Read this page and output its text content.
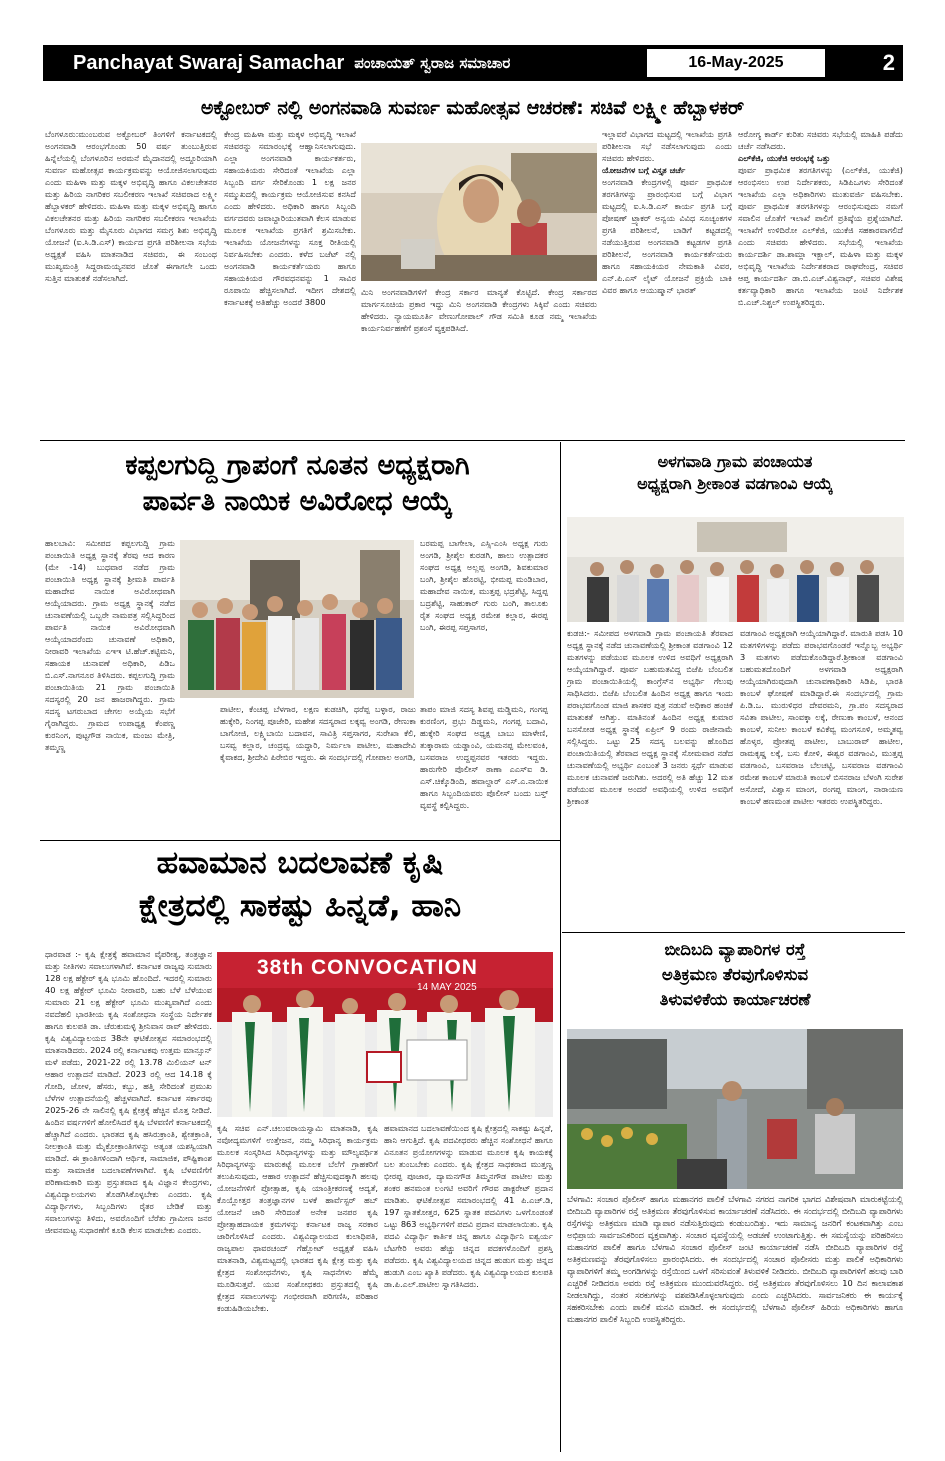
Panchayat Swaraj Samachar ಪಂಚಾಯತ್ ಸ್ವರಾಜ ಸಮಾಚಾರ	16-May-2025	2
ಅಕ್ಟೋಬರ್ ನಲ್ಲಿ ಅಂಗನವಾಡಿ ಸುವರ್ಣ ಮಹೋತ್ಸವ ಆಚರಣೆ: ಸಚಿವೆ ಲಕ್ಷ್ಮೀ ಹೆಬ್ಬಾಳಕರ್
ಬೆಂಗಳೂರು:ಮುಂಬರುವ ಅಕ್ಟೋಬರ್ ತಿಂಗಳಿಗೆ ಕರ್ನಾಟಕದಲ್ಲಿ ಅಂಗನವಾಡಿ ಆರಂಭಗೊಂಡು 50 ವರ್ಷ ತುಂಬುತ್ತಿರುವ ಹಿನ್ನೆಲೆಯಲ್ಲಿ ಬೆಂಗಳೂರಿನ ಅರಮನೆ ಮೈದಾನದಲ್ಲಿ ಅದ್ದೂರಿಯಾಗಿ ಸುವರ್ಣ ಮಹೋತ್ಸವ ಕಾರ್ಯಕ್ರಮವನ್ನು ಆಯೋಜಿಸಲಾಗುವುದು ಎಂದು ಮಹಿಳಾ ಮತ್ತು ಮಕ್ಕಳ ಅಭಿವೃದ್ಧಿ ಹಾಗೂ ವಿಕಲಚೇತನರ ಮತ್ತು ಹಿರಿಯ ನಾಗರಿಕರ ಸಬಲೀಕರಣ ಇಲಾಖೆ ಸಚಿವರಾದ ಲಕ್ಷ್ಮೀ ಹೆಬ್ಬಾಳಕರ್ ಹೇಳಿದರು. ಮಹಿಳಾ ಮತ್ತು ಮಕ್ಕಳ ಅಭಿವೃದ್ಧಿ ಹಾಗೂ ವಿಕಲಚೇತನರ ಮತ್ತು ಹಿರಿಯ ನಾಗರಿಕರ ಸಬಲೀಕರಣ ಇಲಾಖೆಯ ಬೆಂಗಳೂರು ಮತ್ತು ಮೈಸೂರು ವಿಭಾಗದ ಸಮಗ್ರ ಶಿಶು ಅಭಿವೃದ್ಧಿ ಯೋಜನೆ (ಐ.ಸಿ.ಡಿ.ಎಸ್) ಕಾರ್ಯದ ಪ್ರಗತಿ ಪರಿಶೀಲನಾ ಸಭೆಯ ಅಧ್ಯಕ್ಷತೆ ವಹಿಸಿ ಮಾತನಾಡಿದ ಸಚಿವರು, ಈ ಸಂಬಂಧ ಮುಖ್ಯಮಂತ್ರಿ ಸಿದ್ದರಾಮಯ್ಯನವರ ಜೊತೆ ಈಗಾಗಲೇ ಒಂದು ಸುತ್ತಿನ ಮಾತುಕತೆ ನಡೆಸಲಾಗಿದೆ.
ಕೇಂದ್ರ ಮಹಿಳಾ ಮತ್ತು ಮಕ್ಕಳ ಅಭಿವೃದ್ಧಿ ಇಲಾಖೆ ಸಚಿವರನ್ನು ಸಮಾರಂಭಕ್ಕೆ ಆಹ್ವಾನಿಸಲಾಗುವುದು. ಎಲ್ಲಾ ಅಂಗನವಾಡಿ ಕಾರ್ಯಕರ್ತರು, ಸಹಾಯಕಿಯರು ಸೇರಿದಂತೆ ಇಲಾಖೆಯ ಎಲ್ಲಾ ಸಿಬ್ಬಂದಿ ವರ್ಗ ಸೇರಿಕೊಂಡು 1 ಲಕ್ಷ ಜನರ ಸಮ್ಮುಖದಲ್ಲಿ ಕಾರ್ಯಕ್ರಮ ಆಯೋಜಿಸುವ ಕನಸಿದೆ ಎಂದು ಹೇಳಿದರು. ಅಧಿಕಾರಿ ಹಾಗೂ ಸಿಬ್ಬಂದಿ ವರ್ಗದವರು ಜವಾಬ್ದಾರಿಯುತವಾಗಿ ಕೆಲಸ ಮಾಡುವ ಮೂಲಕ ಇಲಾಖೆಯ ಪ್ರಗತಿಗೆ ಶ್ರಮಿಸಬೇಕು. ಇಲಾಖೆಯ ಯೋಜನೆಗಳನ್ನು ಸೂಕ್ತ ರೀತಿಯಲ್ಲಿ ನಿರ್ವಹಿಸಬೇಕು ಎಂದರು. ಕಳೆದ ಬಜೆಟ್ ನಲ್ಲಿ ಅಂಗನವಾಡಿ ಕಾರ್ಯಕರ್ತೆಯರು ಹಾಗೂ ಸಹಾಯಕಿಯರ ಗೌರವಧನವನ್ನು 1 ಸಾವಿರ ರೂಪಾಯಿ ಹೆಚ್ಚಿಸಲಾಗಿದೆ. ಇದೀಗ ದೇಶದಲ್ಲಿ ಕರ್ನಾಟಕಕ್ಕೆ ಅತಿಹೆಚ್ಚು ಅಂದರೆ 3800
ಮಿನಿ ಅಂಗನವಾಡಿಗಳಿಗೆ ಕೇಂದ್ರ ಸರ್ಕಾರ ಮಾನ್ಯತೆ ಕೊಟ್ಟಿದೆ. ಕೇಂದ್ರ ಸರ್ಕಾರದ ಮಾರ್ಗಸೂಚಿಯ ಪ್ರಕಾರ ಇದ್ದು ಮಿನಿ ಅಂಗನವಾಡಿ ಕೇಂದ್ರಗಳು ಸಿಕ್ಕಿವೆ ಎಂದು ಸಚಿವರು ಹೇಳಿದರು. ನ್ಯಾಯಮೂರ್ತಿ ವೇಣುಗೋಪಾಲ್ ಗೌಡ ಸಮಿತಿ ಕೂಡ ನಮ್ಮ ಇಲಾಖೆಯ ಕಾರ್ಯನಿರ್ವಹಣೆಗೆ ಪ್ರಶಂಸೆ ವ್ಯಕ್ತಪಡಿಸಿದೆ.
ಇಲ್ಲಾವರೆ ವಿಭಾಗದ ಮಟ್ಟದಲ್ಲಿ ಇಲಾಖೆಯ ಪ್ರಗತಿ ಪರಿಶೀಲನಾ ಸಭೆ ನಡೆಸಲಾಗುವುದು ಎಂದು ಸಚಿವರು ಹೇಳಿದರು.
ಯೋಜನೆಗಳ ಬಗ್ಗೆ ವಿಸ್ತೃತ ಚರ್ಚೆ
ಅಂಗನವಾಡಿ ಕೇಂದ್ರಗಳಲ್ಲಿ ಪೂರ್ವ ಪ್ರಾಥಮಿಕ ತರಗತಿಗಳನ್ನು ಪ್ರಾರಂಭಿಸುವ ಬಗ್ಗೆ ವಿಭಾಗ ಮಟ್ಟದಲ್ಲಿ ಐ.ಸಿ.ಡಿ.ಎಸ್ ಕಾರ್ಯ ಪ್ರಗತಿ ಬಗ್ಗೆ ಪೋಷಣ್ ಟ್ರ್ಯಾಕರ್ ಅನ್ವಯ ವಿವಿಧ ಸೂಚ್ಯಂಕಗಳ ಪ್ರಗತಿ ಪರಿಶೀಲನೆ, ಬಾಡಿಗೆ ಕಟ್ಟಡದಲ್ಲಿ ನಡೆಯುತ್ತಿರುವ ಅಂಗನವಾಡಿ ಕಟ್ಟಡಗಳ ಪ್ರಗತಿ ಪರಿಶೀಲನೆ, ಅಂಗನವಾಡಿ ಕಾರ್ಯಕರ್ತೆಯರು ಹಾಗೂ ಸಹಾಯಕಿಯರ ನೇಮಕಾತಿ ವಿವರ, ಎನ್.ಪಿ.ಎಸ್ ಲೈಟ್ ಯೋಜನೆ ಪ್ರಕ್ರಿಯೆ ಬಾಕಿ ವಿವರ ಹಾಗೂ ಆಯುಷ್ಮಾನ್ ಭಾರತ್
ಆರೋಗ್ಯ ಕಾರ್ಡ್ ಕುರಿತು ಸಚಿವರು ಸಭೆಯಲ್ಲಿ ಮಾಹಿತಿ ಪಡೆದು ಚರ್ಚೆ ನಡೆಸಿದರು.
ಎಲ್‌ಕೆಜಿ, ಯುಕೆಜಿ ಆರಂಭಕ್ಕೆ ಒತ್ತು
ಪೂರ್ವ ಪ್ರಾಥಮಿಕ ತರಗತಿಗಳನ್ನು (ಎಲ್‌ಕೆಜಿ, ಯುಕೆಜಿ) ಆರಂಭಿಸಲು ಉಪ ನಿರ್ದೇಶಕರು, ಸಿಡಿಪಿಒಗಳು ಸೇರಿದಂತೆ ಇಲಾಖೆಯ ಎಲ್ಲಾ ಅಧಿಕಾರಿಗಳು ಮುತುವರ್ಜಿ ವಹಿಸಬೇಕು. ಪೂರ್ವ ಪ್ರಾಥಮಿಕ ತರಗತಿಗಳನ್ನು ಆರಂಭಿಸುವುದು ನಮಗೆ ಸವಾಲಿನ ಜೊತೆಗೆ ಇಲಾಖೆ ಪಾಲಿಗೆ ಪ್ರತಿಷ್ಠೆಯ ಪ್ರಶ್ನೆಯಾಗಿದೆ. ಇಲಾಖೆಗೆ ಉಳಿದಿರೋ ಎಲ್‌ಕೆಜಿ, ಯುಕೆಜಿ ಸಹಕಾರವಾಗಲಿದೆ ಎಂದು ಸಚಿವರು ಹೇಳಿದರು. ಸಭೆಯಲ್ಲಿ ಇಲಾಖೆಯ ಕಾರ್ಯದರ್ಶಿ ಡಾ.ಶಾಮ್ಲಾ ಇಕ್ಬಾಲ್, ಮಹಿಳಾ ಮತ್ತು ಮಕ್ಕಳ ಅಭಿವೃದ್ಧಿ ಇಲಾಖೆಯ ನಿರ್ದೇಶಕರಾದ ರಾಘವೇಂದ್ರ, ಸಚಿವರ ಆಪ್ತ ಕಾರ್ಯದರ್ಶಿ ಡಾ.ಬಿ.ಎಚ್.ವಿಶ್ವನಾಥ್, ಸಚಿವರ ವಿಶೇಷ ಕರ್ತವ್ಯಾಧಿಕಾರಿ ಹಾಗೂ ಇಲಾಖೆಯ ಜಂಟಿ ನಿರ್ದೇಶಕ ಬಿ.ಎಚ್.ನಿಶ್ಚಲ್ ಉಪಸ್ಥಿತರಿದ್ದರು.
ಕಪ್ಪಲಗುದ್ದಿ ಗ್ರಾಪಂಗೆ ನೂತನ ಅಧ್ಯಕ್ಷರಾಗಿ
ಪಾರ್ವತಿ ನಾಯಿಕ ಅವಿರೋಧ ಆಯ್ಕೆ
ಹಾಲಬಾವಿ: ಸಮೀಪದ ಕಪ್ಪಲಗುದ್ದಿ ಗ್ರಾಮ ಪಂಚಾಯಿತಿ ಅಧ್ಯಕ್ಷ ಸ್ಥಾನಕ್ಕೆ ತೆರವು ಆದ ಕಾರಣ (ಮೇ -14) ಬುಧವಾರ ನಡೆದ ಗ್ರಾಮ ಪಂಚಾಯಿತಿ ಅಧ್ಯಕ್ಷ ಸ್ಥಾನಕ್ಕೆ ಶ್ರೀಮತಿ ಪಾರ್ವತಿ ಮಹಾದೇವ ನಾಯಿಕ ಅವಿರೋಧವಾಗಿ ಆಯ್ಕೆಯಾದರು. ಗ್ರಾಮ ಅಧ್ಯಕ್ಷ ಸ್ಥಾನಕ್ಕೆ ನಡೆದ ಚುನಾವಣೆಯಲ್ಲಿ ಒಬ್ಬರೇ ನಾಮಪತ್ರ ಸಲ್ಲಿಸಿದ್ದರಿಂದ ಪಾರ್ವತಿ ನಾಯಿಕ ಅವಿರೋಧವಾಗಿ ಆಯ್ಕೆಯಾದರೆಂದು ಚುನಾವಣೆ ಅಧಿಕಾರಿ, ನೀರಾವರಿ ಇಲಾಖೆಯ ಎಇಇ ಟಿ.ಹೆಚ್.ಕಟ್ಟಿಮನಿ, ಸಹಾಯಕ ಚುನಾವಣೆ ಅಧಿಕಾರಿ, ಪಿಡಿಒ ಬಿ.ಎಸ್.ನಾಗನೂರ ತಿಳಿಸಿದರು. ಕಪ್ಪಲಗುದ್ದಿ ಗ್ರಾಮ ಪಂಚಾಯಿತಿಯ 21 ಗ್ರಾಮ ಪಂಚಾಯಿತಿ ಸದಸ್ಯರಲ್ಲಿ 20 ಜನ ಹಾಜರಾಗಿದ್ದರು. ಗ್ರಾಮ ಸದಸ್ಯ ಟಗರುಬಾದ ಚೇಗಲ ಅಯ್ಕೆಯ ಸಭೆಗೆ ಗೈರಾಗಿದ್ದರು. ಗ್ರಾಮದ ಉಪಾಧ್ಯಕ್ಷ ಕೆಂಪಣ್ಣ ಕುರನಿಂಗ, ಪುಟ್ಟಗೌಡ ನಾಯಿಕ, ಮಂಜು ಮೇತ್ರಿ, ತಮ್ಮಣ್ಣ
ಪಾಟೀಲ, ಕೆಂಚಪ್ಪ ಬೆಳಗಾರ, ಲಕ್ಷಣ ಕುಡಚಿಗಿ, ಧರೆಪ್ಪ ಬಳ್ಳಾರ, ರಾಜು ಹುಕ್ಕೇರಿ, ನಿಂಗಪ್ಪ ಪೂಜೇರಿ, ಮಹೇಶ ಸದಸ್ಯರಾದ ಲಕ್ಕವ್ವ ಅಂಗಡಿ, ರೇಣುಕಾ ಬಾಗೋಜಿ, ಲಕ್ಷ್ಮಿಬಾಯಿ ಬದಾವನ, ಸಾವಿತ್ರಿ ಸಪ್ತಸಾಗರ, ಸುರೇಖಾ ಕೆಲಿ, ಬಸವ್ವ ಕಲ್ಲಾರ, ಚಂದ್ರವ್ವ ಯದ್ದಾರಿ, ನಿರ್ಮಲಾ ಪಾಟೀಲ, ಮಹಾದೇವಿ ಕೈವಾಕದ, ಶ್ರೀದೇವಿ ಪಿರೇಬಿರ ಇದ್ದರು. ಈ ಸಂದರ್ಭದಲ್ಲಿ ಗೋಪಾಲ ಅಂಗಡಿ,
ಬರಮಪ್ಪ ಬಾಗೇಲಾ, ಎಸ್ಸಿ-ಎಂಸಿ ಅಧ್ಯಕ್ಷ ಗುರು ಅಂಗಡಿ, ಶ್ರೀಶೈಲ ಕುರಡಗಿ, ಹಾಲು ಉತ್ಪಾದಕರ ಸಂಘದ ಅಧ್ಯಕ್ಷ ಅಲ್ಲಪ್ಪ ಅಂಗಡಿ, ಶಿವಕುಮಾರ ಬಂಗಿ, ಶ್ರೀಶೈಲ ಹೊರಟ್ಟಿ, ಭೀಮಪ್ಪ ಮಂಡಿಬಾರ, ಮಹಾದೇವ ನಾಯಿಕ, ಮುತ್ತಪ್ಪ ಭದ್ರಶೆಟ್ಟಿ, ಸಿದ್ದಪ್ಪ ಬದ್ರಶೆಟ್ಟಿ, ಸಾಹುಕಾರ್ ಗುರು ಬಂಗಿ, ತಾಲೂಕು ರೈತ ಸಂಘದ ಅಧ್ಯಕ್ಷ ರಮೇಶ ಕಲ್ಲಾರ, ಈರಪ್ಪ ಬಂಗಿ, ಈರಪ್ಪ ಸಪ್ತಸಾಗರ,
ತಾಪಂ ಮಾಜಿ ಸದಸ್ಯ ಶಿವಪ್ಪ ಮಡ್ಡಿಮನಿ, ಗಂಗಪ್ಪ ಕುರಣಿಂಗ, ಪ್ರಭು ದಿಡ್ಡಮನಿ, ಗಂಗಪ್ಪ ಬದಾವಿ, ಹುಕ್ಕೇರಿ ಸಂಘದ ಅಧ್ಯಕ್ಷ ಬಾಬು ಮಾಳೇಣಿ, ತುಕ್ಕಾರಾಮ ಯಡ್ಡಾಂವಿ, ಯಮನಪ್ಪ ಮೇಲವಂಕಿ, ಬಸವರಾಜ ಉದ್ದಪ್ಪನವರ ಇತರರು ಇದ್ದರು. ಹಾರುಗೇರಿ ಪೊಲೀಸ್ ಠಾಣಾ ಎಎಸ್ಐ ಡಿ. ಎಸ್.ಚಿಕ್ಕೊಡಿಂದಿ, ಹವಾಲ್ದಾರ್ ಎಸ್.ಎ.ನಾಯಿಕ ಹಾಗೂ ಸಿಬ್ಬಂದಿಯವರು ಪೊಲೀಸ್ ಬಂದು ಬಸ್ತ್ ವ್ಯವಸ್ಥೆ ಕಲ್ಪಿಸಿದ್ದರು.
ಅಳಗವಾಡಿ ಗ್ರಾಮ ಪಂಚಾಯತ
ಅಧ್ಯಕ್ಷರಾಗಿ ಶ್ರೀಕಾಂತ ವಡಗಾಂವಿ ಆಯ್ಕೆ
ಕುಡಚಿ:- ಸಮೀಪದ ಅಳಗವಾಡಿ ಗ್ರಾಮ ಪಂಚಾಯತಿ ತೆರವಾದ ಅಧ್ಯಕ್ಷ ಸ್ಥಾನಕ್ಕೆ ನಡೆದ ಚುನಾವಣೆಯಲ್ಲಿ ಶ್ರೀಕಾಂತ ವಡಗಾಂವಿ 12 ಮತಗಳನ್ನು ಪಡೆಯುವ ಮೂಲಕ ಉಳಿದ ಅವಧಿಗೆ ಅಧ್ಯಕ್ಷರಾಗಿ ಆಯ್ಕೆಯಾಗಿದ್ದಾರೆ. ಪೂರ್ವ ಬಹುಮತವಿದ್ದ ಬಿಜೆಪಿ ಬೆಂಬಲಿತ ಗ್ರಾಮ ಪಂಚಾಯಿತಿಯಲ್ಲಿ ಕಾಂಗ್ರೆಸ್‌ನ ಅಭ್ಯರ್ಥಿ ಗೆಲುವು ಸಾಧಿಸಿದರು. ಬಿಜೆಪಿ ಬೆಂಬಲಿತ ಹಿಂದಿನ ಅಧ್ಯಕ್ಷ ಹಾಗೂ ಇಂದು ಪರಾಭವಗೊಂಡ ಮಾಜಿ ಶಾಸಕರ ಪುತ್ರ ನಡುವೆ ಅಧಿಕಾರ ಹಂಚಿಕೆ ಮಾತುಕತೆ ಆಗಿತ್ತು. ಮಾತಿನಂತೆ ಹಿಂದಿನ ಅಧ್ಯಕ್ಷ ಕುಮಾರ ಬನಸೋಡ ಅಧ್ಯಕ್ಷ ಸ್ಥಾನಕ್ಕೆ ಏಪ್ರಿಲ್ 9 ರಂದು ರಾಜೀನಾಮೆ ಸಲ್ಲಿಸಿದ್ದರು. ಒಟ್ಟು 25 ಸದಸ್ಯ ಬಲವನ್ನು ಹೊಂದಿದ ಪಂಚಾಯಿತಿಯಲ್ಲಿ ತೆರವಾದ ಅಧ್ಯಕ್ಷ ಸ್ಥಾನಕ್ಕೆ ಸೋಮವಾರ ನಡೆದ ಚುನಾವಣೆಯಲ್ಲಿ ಅಭ್ಯರ್ಥಿ ಎಂಬಂತೆ 3 ಜನರು ಸ್ಪರ್ಧೆ ಮಾಡುವ ಮೂಲಕ ಚುನಾವಣೆ ಜರುಗಿತು. ಅದರಲ್ಲಿ ಅತಿ ಹೆಚ್ಚು 12 ಮತ ಪಡೆಯುವ ಮೂಲಕ ಅಂದರೆ ಅವಧಿಯಲ್ಲಿ ಉಳಿದ ಅವಧಿಗೆ ಶ್ರೀಕಾಂತ
ವಡಗಾಂವಿ ಅಧ್ಯಕ್ಷರಾಗಿ ಆಯ್ಕೆಯಾಗಿದ್ದಾರೆ. ಮಾರುತಿ ಪಡಸಿ 10 ಮತಗಳಿಗಳನ್ನು ಪಡೆದು ಪರಾಭವಗೊಂಡರೆ ಇನ್ನೊಬ್ಬ ಅಭ್ಯರ್ಥಿ 3 ಮತಗಳು ಪಡೆದುಕೊಂಡಿದ್ದಾರೆ.ಶ್ರೀಕಾಂತ ವಡಗಾಂವಿ ಬಹುಮತದೊಂದಿಗೆ ಅಳಗವಾಡಿ ಅಧ್ಯಕ್ಷರಾಗಿ ಆಯ್ಕೆಯಾಗಿರುವುದಾಗಿ ಚುನಾವಣಾಧಿಕಾರಿ ಸಿಡಿಪಿ, ಭಾರತಿ ಕಾಂಬಳೆ ಘೋಷಣೆ ಮಾಡಿದ್ದಾರೆ.ಈ ಸಂದರ್ಭದಲ್ಲಿ ಗ್ರಾಮ ಪಿ.ಡಿ.ಒ. ಮುರುಳಿಧರ ದೇವರಮನಿ, ಗ್ರಾ.ಪಂ ಸದಸ್ಯರಾದ ಸವಿತಾ ಪಾಟೀಲ, ಸಾಂವಕ್ಕಾ ಲಕ್ಕೆ, ರೇಣುಕಾ ಕಾಂಬಳೆ, ಆನಂದ ಕಾಂಬಳೆ, ಸುನೀಲ ಕಾಂಬಳೆ ಕವಿಕೆವ್ವ ಮಂಗಸೂಳಿ, ಅಮ್ಮತವ್ವ ಹೊಳ್ಕರ, ಪ್ರೋತಪ್ಪ ಪಾಟೀಲ, ಬಾಬುರಾವ್ ಹಾಟೀಲ, ರಾಮಕೃಷ್ಣ ಲಕ್ಕೆ, ಬಸು ಕೋಳಿ, ಈಶ್ವರ ವಡಗಾಂವಿ, ಮುತ್ತಪ್ಪ ವಡಗಾಂವಿ, ಬಸವರಾಜ ಬೆಲಚಟ್ಟಿ, ಬಸವರಾಜ ವಡಗಾಂವಿ ರಮೇಶ ಕಾಂಬಳೆ ಮಾರುತಿ ಕಾಂಬಳೆ ಬಿಸನರಾಜ ಬೆಳಂಗಿ ಸುರೇಶ ಅಸೋದೆ, ವಿಶ್ವಾಸ ಮಾಂಗ, ರಂಗಪ್ಪ ಮಾಂಗ, ನಾರಾಯಣ ಕಾಂಬಳೆ ಹಣಮಂತ ಪಾಟೀಲ ಇತರರು ಉಪಸ್ಥಿತರಿದ್ದರು.
ಹವಾಮಾನ ಬದಲಾವಣೆ ಕೃಷಿ
ಕ್ಷೇತ್ರದಲ್ಲಿ ಸಾಕಷ್ಟು ಹಿನ್ನಡೆ, ಹಾನಿ
ಧಾರವಾಡ :- ಕೃಷಿ ಕ್ಷೇತ್ರಕ್ಕೆ ಹವಾಮಾನ ವೈಪರೀತ್ಯ, ತಂತ್ರಜ್ಞಾನ ಮತ್ತು ನೀತಿಗಳು ಸವಾಲುಗಳಾಗಿವೆ. ಕರ್ನಾಟಕ ರಾಜ್ಯವು ಸುಮಾರು 128 ಲಕ್ಷ ಹೆಕ್ಟೇರ್ ಕೃಷಿ ಭೂಮಿ ಹೊಂದಿದೆ. ಇದರಲ್ಲಿ ಸುಮಾರು 40 ಲಕ್ಷ ಹೆಕ್ಟೇರ್ ಭೂಮಿ ನೀರಾವರಿ, ಬಹು ಬೆಳೆ ಬೆಳೆಯುವ ಸುಮಾರು 21 ಲಕ್ಷ ಹೆಕ್ಟೇರ್ ಭೂಮಿ ಮುಖ್ಯವಾಗಿದೆ ಎಂದು ನವದೆಹಲಿ ಭಾರತೀಯ ಕೃಷಿ ಸಂಶೋಧನಾ ಸಂಸ್ಥೆಯ ನಿರ್ದೇಶಕ ಹಾಗೂ ಕುಲಪತಿ ಡಾ. ಚೆರುಕುಮಳ್ಳಿ ಶ್ರೀನಿವಾಸ ರಾವ್ ಹೇಳಿದರು. ಕೃಷಿ ವಿಶ್ವವಿದ್ಯಾಲಯದ 38ನೇ ಘಟಿಕೋತ್ಸವ ಸಮಾರಂಭದಲ್ಲಿ ಮಾತನಾಡಿದರು. 2024 ರಲ್ಲಿ ಕರ್ನಾಟಕವು ಉತ್ತಮ ಮಾನ್ಸೂನ್ ಮಳೆ ಪಡೆದು, 2021-22 ರಲ್ಲಿ 13.78 ಮಿಲಿಯನ್ ಟನ್ ಆಹಾರ ಉತ್ಪಾದನೆ ಮಾಡಿದೆ. 2023 ರಲ್ಲಿ ಆದ 14.18 ಕ್ಕೆ ಗೋದಿ, ಜೋಳ, ಹೆಸರು, ಕಬ್ಬು, ಹತ್ತಿ ಸೇರಿದಂತೆ ಪ್ರಮುಖ ಬೆಳೆಗಳ ಉತ್ಪಾದನೆಯಲ್ಲಿ ಹೆಚ್ಚಳವಾಗಿದೆ. ಕರ್ನಾಟಕ ಸರ್ಕಾರವು 2025-26 ನೇ ಸಾಲಿನಲ್ಲಿ ಕೃಷಿ ಕ್ಷೇತ್ರಕ್ಕೆ ಹೆಚ್ಚಿನ ಮೊತ್ತ ನೀಡಿದೆ. ಹಿಂದಿನ ವರ್ಷಗಳಿಗೆ ಹೋಲಿಸಿದರೆ ಕೃಷಿ ಬೆಳವಣಿಗೆ ಕರ್ನಾಟಕದಲ್ಲಿ ಹೆಚ್ಚಾಗಿದೆ ಎಂದರು. ಭಾರತದ ಕೃಷಿ ಹಸಿರುಕ್ರಾಂತಿ, ಶ್ವೇತಕ್ರಾಂತಿ, ನೀಲಕ್ರಾಂತಿ ಮತ್ತು ಮೈಕ್ರೋಕ್ರಾಂತಿಗಳನ್ನು ಅತ್ಯಂತ ಯಶಸ್ವಿಯಾಗಿ ಮಾಡಿದೆ. ಈ ಕ್ರಾಂತಿಗಳಿಂದಾಗಿ ಆರ್ಥಿಕ, ಸಾಮಾಜಿಕ, ಪೌಷ್ಟಿಕಾಂಶ ಮತ್ತು ಸಾಮಾಜಿಕ ಬದಲಾವಣೆಗಳಾಗಿವೆ. ಕೃಷಿ ಬೆಳವಣಿಗೆಗೆ ಪರಿಣಾಮಕಾರಿ ಮತ್ತು ಪ್ರಸ್ತುತವಾದ ಕೃಷಿ ವಿಜ್ಞಾನ ಕೇಂದ್ರಗಳು, ವಿಶ್ವವಿದ್ಯಾಲಯಗಳು ತೊಡಗಿಸಿಕೊಳ್ಳಬೇಕು ಎಂದರು. ಕೃಷಿ ವಿದ್ಯಾರ್ಥಿಗಳು, ಸಿಬ್ಬಂದಿಗಳು ರೈತರ ಬೇಡಿಕೆ ಮತ್ತು ಸವಾಲುಗಳನ್ನು ತಿಳಿದು, ಅವರೊಂದಿಗೆ ಬೆರೆತು ಗ್ರಾಮೀಣ ಜನರ ಜೀವನಮಟ್ಟ ಸುಧಾರಣೆಗೆ ಕೂಡಿ ಕೆಲಸ ಮಾಡಬೇಕು ಎಂದರು.
38th CONVOCATION
14 MAY 2025
ಕೃಷಿ ಸಚಿವ ಎನ್.ಚಲುವರಾಯಸ್ವಾಮಿ ಮಾತನಾಡಿ, ಕೃಷಿ ನವೋದ್ಯಮಗಳಿಗೆ ಉತ್ತೇಜನ, ನಮ್ಮ ಸಿರಿಧಾನ್ಯ ಕಾರ್ಯಕ್ರಮ ಮೂಲಕ ಸಂಸ್ಕರಿಸಿದ ಸಿರಿಧಾನ್ಯಗಳನ್ನು ಮತ್ತು ಮೌಲ್ಯವರ್ಧಿತ ಸಿರಿಧಾನ್ಯಗಳನ್ನು ಮಾರುಕಟ್ಟೆ ಮೂಲಕ ಬೆಲೆಗೆ ಗ್ರಾಹಕರಿಗೆ ತಲುಪಿಸುವುದು, ಆಹಾರ ಉತ್ಪಾದನೆ ಹೆಚ್ಚಿಸುವುದಕ್ಕಾಗಿ ಹಲವು ಯೋಜನೆಗಳಿಗೆ ಪ್ರೋತ್ಸಾಹ, ಕೃಷಿ ಯಾಂತ್ರೀಕರಣಕ್ಕೆ ಆದ್ಯತೆ, ಕೊಯ್ಲೋತ್ತರ ತಂತ್ರಜ್ಞಾನಗಳ ಬಳಕೆ ಹಾರ್ವೆಸ್ಟರ್ ಹಬ್ ಯೋಜನೆ ಜಾರಿ ಸೇರಿದಂತೆ ಅನೇಕ ಜನಪರ ಕೃಷಿ ಪ್ರೋತ್ಸಾಹದಾಯಕ ಕ್ರಮಗಳನ್ನು ಕರ್ನಾಟಕ ರಾಜ್ಯ ಸರಕಾರ ಜಾರಿಗೊಳಿಸಿದೆ ಎಂದರು. ವಿಶ್ವವಿದ್ಯಾಲಯದ ಕುಲಾಧಿಪತಿ, ರಾಜ್ಯಪಾಲ ಥಾವರಚಂದ್ ಗೆಹ್ಲೋಟ್ ಅಧ್ಯಕ್ಷತೆ ವಹಿಸಿ ಮಾತನಾಡಿ, ವಿಶ್ವಮಟ್ಟದಲ್ಲಿ ಭಾರತದ ಕೃಷಿ ಕ್ಷೇತ್ರ ಮತ್ತು ಕೃಷಿ ಕ್ಷೇತ್ರದ ಸಂಶೋಧನೆಗಳು, ಕೃಷಿ ಸಾಧನೆಗಳು ಹೆಮ್ಮೆ ಮೂಡಿಸುತ್ತವೆ. ಯುವ ಸಂಶೋಧಕರು ಪ್ರಸ್ತುತದಲ್ಲಿ ಕೃಷಿ ಕ್ಷೇತ್ರದ ಸವಾಲುಗಳನ್ನು ಗಂಭೀರವಾಗಿ ಪರಿಗಣಿಸಿ, ಪರಿಹಾರ ಕಂಡುಹಿಡಿಯಬೇಕು.
ಹವಾಮಾನದ ಬದಲಾವಣೆಯಿಂದ ಕೃಷಿ ಕ್ಷೇತ್ರದಲ್ಲಿ ಸಾಕಷ್ಟು ಹಿನ್ನಡೆ, ಹಾನಿ ಆಗುತ್ತಿದೆ. ಕೃಷಿ ಪದವೀಧರರು ಹೆಚ್ಚಿನ ಸಂಶೋಧನೆ ಹಾಗೂ ವಿನೂತನ ಪ್ರಯೋಗಗಳನ್ನು ಮಾಡುವ ಮೂಲಕ ಕೃಷಿ ಕಾಯಕಕ್ಕೆ ಬಲ ತುಂಬಬೇಕು ಎಂದರು. ಕೃಷಿ ಕ್ಷೇತ್ರದ ಸಾಧಕರಾದ ಮುತ್ತಣ್ಣ ಭೀರಪ್ಪ ಪೂಜಾರ, ದ್ಯಾಮನಗೌಡ ತಿಮ್ಮನಗೌಡ ಪಾಟೀಲ ಮತ್ತು ಶಂಕರ ಹನಮಂತ ಲಂಗಟಿ ಅವರಿಗೆ ಗೌರವ ಡಾಕ್ಟರೇಟ್ ಪ್ರದಾನ ಮಾಡಿತು. ಘಟಿಕೋತ್ಸವ ಸಮಾರಂಭದಲ್ಲಿ 41 ಪಿ.ಎಚ್.ಡಿ, 197 ಸ್ನಾತಕೋತ್ತರ, 625 ಸ್ನಾತಕ ಪದವಿಗಳು ಒಳಗೊಂಡಂತೆ ಒಟ್ಟು 863 ಅಭ್ಯರ್ಥಿಗಳಿಗೆ ಪದವಿ ಪ್ರದಾನ ಮಾಡಲಾಯಿತು. ಕೃಷಿ ಪದವಿ ವಿದ್ಯಾರ್ಥಿ ಕಾರ್ತಿಕ ಚಿನ್ನ ಹಾಗೂ ವಿದ್ಯಾರ್ಥಿನಿ ಐಶ್ವರ್ಯ ಬೆಟಗೇರಿ ಅವರು ಹೆಚ್ಚು ಚಿನ್ನದ ಪದಕಗಳೊಂದಿಗೆ ಪ್ರಶಸ್ತಿ ಪಡೆದರು. ಕೃಷಿ ವಿಶ್ವವಿದ್ಯಾಲಯದ ಚಿನ್ನದ ಹುಡುಗ ಮತ್ತು ಚಿನ್ನದ ಹುಡುಗಿ ಎಂಬ ಖ್ಯಾತಿ ಪಡೆದರು. ಕೃಷಿ ವಿಶ್ವವಿದ್ಯಾಲಯದ ಕುಲಪತಿ ಡಾ.ಪಿ.ಎಲ್.ಪಾಟೀಲ ಸ್ವಾಗತಿಸಿದರು.
ಬೀದಿಬದಿ ವ್ಯಾಪಾರಿಗಳ ರಸ್ತೆ
ಅತಿಕ್ರಮಣ ತೆರವುಗೊಳಿಸುವ
ತಿಳುವಳಿಕೆಯ ಕಾರ್ಯಾಚರಣೆ
ಬೆಳಗಾವಿ: ಸಂಚಾರ ಪೊಲೀಸ್ ಹಾಗೂ ಮಹಾನಗರ ಪಾಲಿಕೆ ಬೆಳಗಾವಿ ನಗರದ ನಾಗರಿಕ ಭಾಗದ ವಿಶೇಷವಾಗಿ ಮಾರುಕಟ್ಟೆಯಲ್ಲಿ ಬೀದಿಬದಿ ವ್ಯಾಪಾರಿಗಳ ರಸ್ತೆ ಅತಿಕ್ರಮಣ ತೆರವುಗೊಳಿಸುವ ಕಾರ್ಯಾಚರಣೆ ನಡೆಸಿದರು. ಈ ಸಂದರ್ಭದಲ್ಲಿ ಬೀದಿಬದಿ ವ್ಯಾಪಾರಿಗಳು ರಸ್ತೆಗಳನ್ನು ಅತಿಕ್ರಮಣ ಮಾಡಿ ವ್ಯಾಪಾರ ನಡೆಸುತ್ತಿರುವುದು ಕಂಡುಬಂದಿತ್ತು. ಇದು ಸಾಮಾನ್ಯ ಜನರಿಗೆ ಕಂಟಕವಾಗಿತ್ತು ಎಂಬ ಅಭಿಪ್ರಾಯ ಸಾರ್ವಜನಿಕರಿಂದ ವ್ಯಕ್ತವಾಗಿತ್ತು. ಸಂಚಾರ ವ್ಯವಸ್ಥೆಯಲ್ಲಿ ಅಡಚಣೆ ಉಂಟಾಗುತ್ತಿತ್ತು. ಈ ಸಮಸ್ಯೆಯನ್ನು ಪರಿಹರಿಸಲು ಮಹಾನಗರ ಪಾಲಿಕೆ ಹಾಗೂ ಬೆಳಗಾವಿ ಸಂಚಾರ ಪೊಲೀಸ್ ಜಂಟಿ ಕಾರ್ಯಾಚರಣೆ ನಡೆಸಿ ಬೀದಿಬದಿ ವ್ಯಾಪಾರಿಗಳ ರಸ್ತೆ ಅತಿಕ್ರಮಣವನ್ನು ತೆರವುಗೊಳಿಸಲು ಪ್ರಾರಂಭಿಸಿದರು. ಈ ಸಂದರ್ಭದಲ್ಲಿ ಸಂಚಾರ ಪೊಲೀಸರು ಮತ್ತು ಪಾಲಿಕೆ ಅಧಿಕಾರಿಗಳು ವ್ಯಾಪಾರಿಗಳಿಗೆ ತಮ್ಮ ಅಂಗಡಿಗಳನ್ನು ರಸ್ತೆಯಿಂದ ಒಳಗೆ ಸರಿಸುವಂತೆ ತಿಳುವಳಿಕೆ ನೀಡಿದರು. ಬೀದಿಬದಿ ವ್ಯಾಪಾರಿಗಳಿಗೆ ಹಲವು ಬಾರಿ ಎಚ್ಚರಿಕೆ ನೀಡಿದರೂ ಅವರು ರಸ್ತೆ ಅತಿಕ್ರಮಣ ಮುಂದುವರೆಸಿದ್ದರು. ರಸ್ತೆ ಅತಿಕ್ರಮಣ ತೆರವುಗೊಳಿಸಲು 10 ದಿನ ಕಾಲಾವಕಾಶ ನೀಡಲಾಗಿದ್ದು, ನಂತರ ಸರಕುಗಳನ್ನು ವಶಪಡಿಸಿಕೊಳ್ಳಲಾಗುವುದು ಎಂದು ಎಚ್ಚರಿಸಿದರು. ಸಾರ್ವಜನಿಕರು ಈ ಕಾರ್ಯಕ್ಕೆ ಸಹಕರಿಸಬೇಕು ಎಂದು ಪಾಲಿಕೆ ಮನವಿ ಮಾಡಿದೆ. ಈ ಸಂದರ್ಭದಲ್ಲಿ ಬೆಳಗಾವಿ ಪೊಲೀಸ್ ಹಿರಿಯ ಅಧಿಕಾರಿಗಳು ಹಾಗೂ ಮಹಾನಗರ ಪಾಲಿಕೆ ಸಿಬ್ಬಂದಿ ಉಪಸ್ಥಿತರಿದ್ದರು.
